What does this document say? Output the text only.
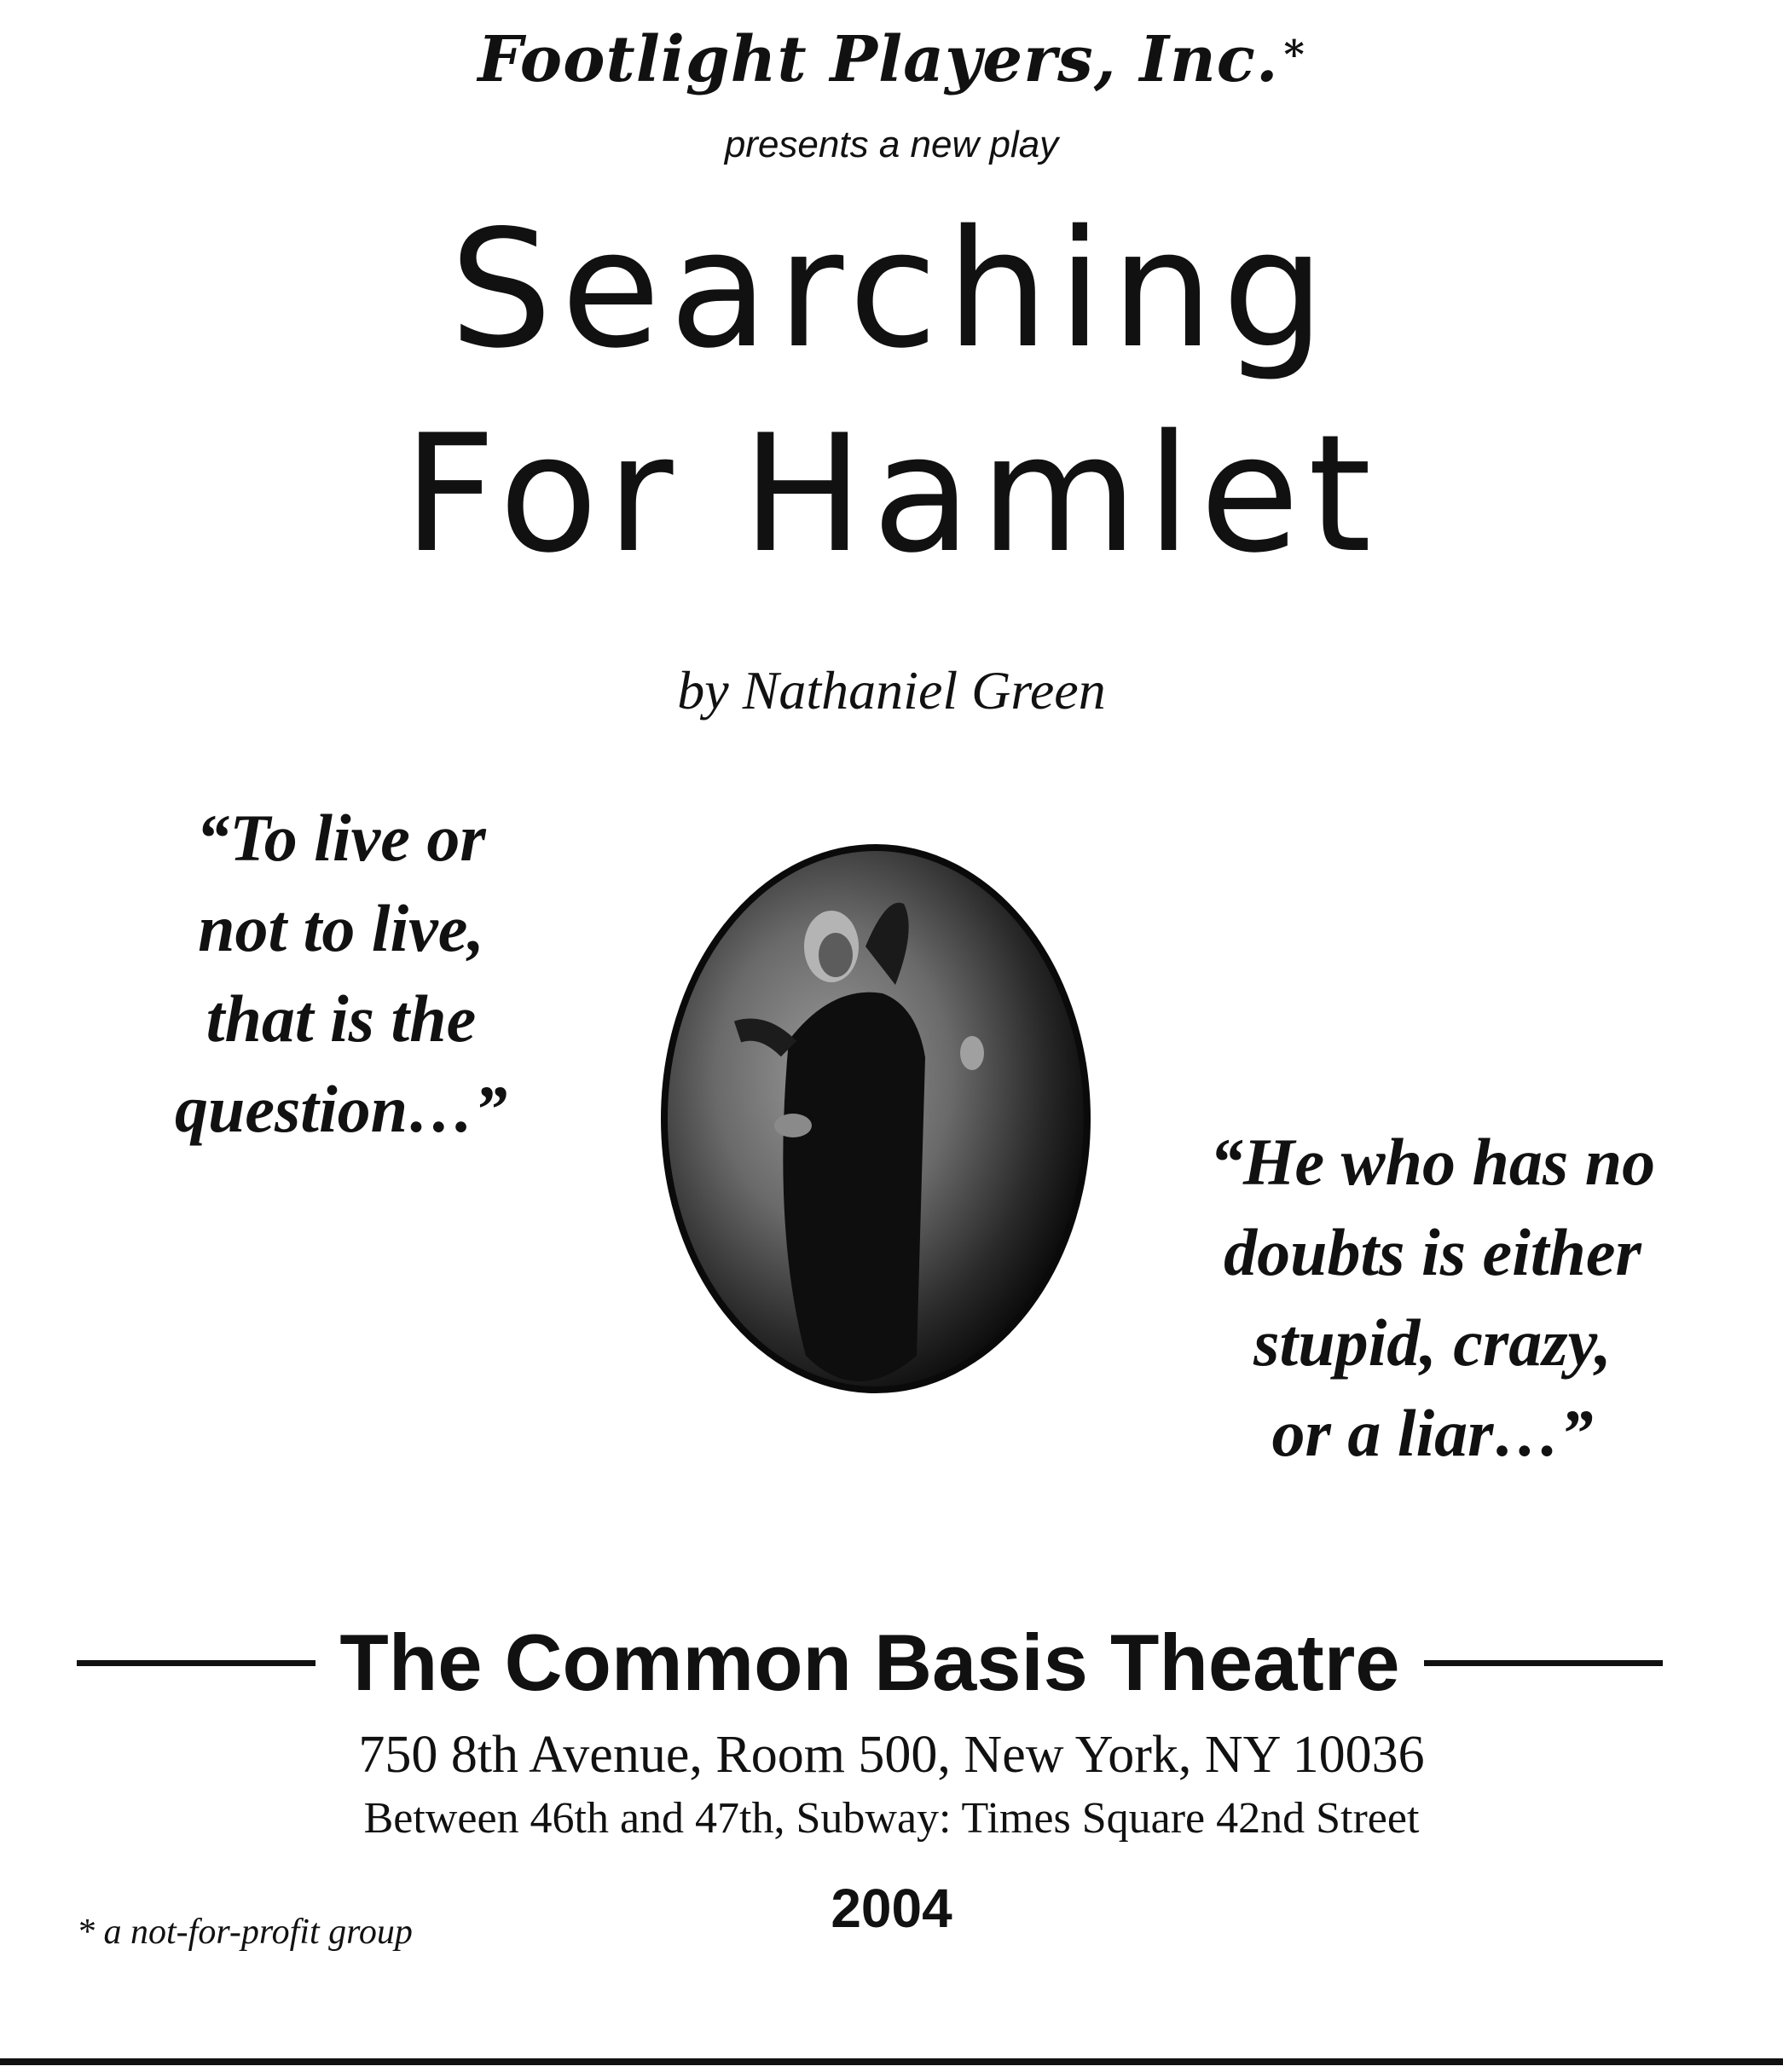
Footlight Players, Inc. *
presents a new play
Searching
For Hamlet
by Nathaniel Green
“To live or
not to live,
that is the
question…”
“He who has no
doubts is either
stupid, crazy,
or a liar…”
The Common Basis Theatre
750 8th Avenue, Room 500, New York, NY 10036
Between 46th and 47th, Subway: Times Square 42nd Street
2004
* a not-for-profit group
